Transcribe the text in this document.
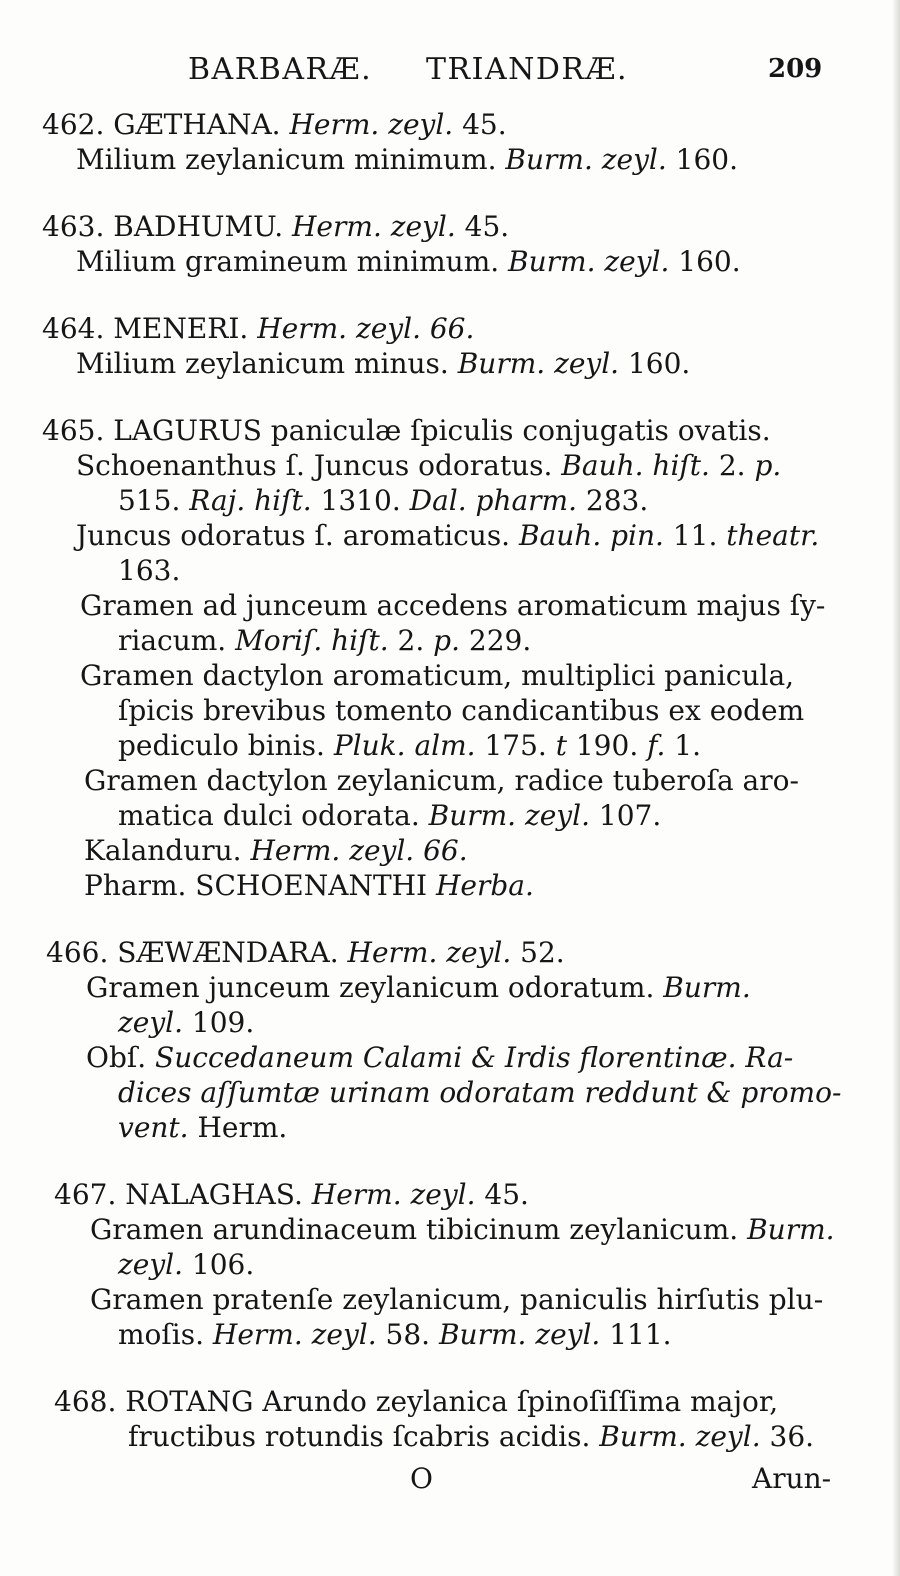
BARBARÆ. TRIANDRÆ.	209
462. GÆTHANA. Herm. zeyl. 45.
Milium zeylanicum minimum. Burm. zeyl. 160.
463. BADHUMU. Herm. zeyl. 45.
Milium gramineum minimum. Burm. zeyl. 160.
464. MENERI. Herm. zeyl. 66.
Milium zeylanicum minus. Burm. zeyl. 160.
465. LAGURUS paniculæ ſpiculis conjugatis ovatis.
Schoenanthus ſ. Juncus odoratus. Bauh. hiſt. 2. p.
515. Raj. hiſt. 1310. Dal. pharm. 283.
Juncus odoratus ſ. aromaticus. Bauh. pin. 11. theatr.
163.
Gramen ad junceum accedens aromaticum majus ſy-
riacum. Moriſ. hiſt. 2. p. 229.
Gramen dactylon aromaticum, multiplici panicula,
ſpicis brevibus tomento candicantibus ex eodem
pediculo binis. Pluk. alm. 175. t 190. f. 1.
Gramen dactylon zeylanicum, radice tuberoſa aro-
matica dulci odorata. Burm. zeyl. 107.
Kalanduru. Herm. zeyl. 66.
Pharm. SCHOENANTHI Herba.
466. SÆWÆNDARA. Herm. zeyl. 52.
Gramen junceum zeylanicum odoratum. Burm.
zeyl. 109.
Obſ. Succedaneum Calami & Irdis florentinæ. Ra-
dices aſſumtæ urinam odoratam reddunt & promo-
vent. Herm.
467. NALAGHAS. Herm. zeyl. 45.
Gramen arundinaceum tibicinum zeylanicum. Burm.
zeyl. 106.
Gramen pratenſe zeylanicum, paniculis hirſutis plu-
moſis. Herm. zeyl. 58. Burm. zeyl. 111.
468. ROTANG Arundo zeylanica ſpinoſiſſima major,
fructibus rotundis ſcabris acidis. Burm. zeyl. 36.
O	Arun-
